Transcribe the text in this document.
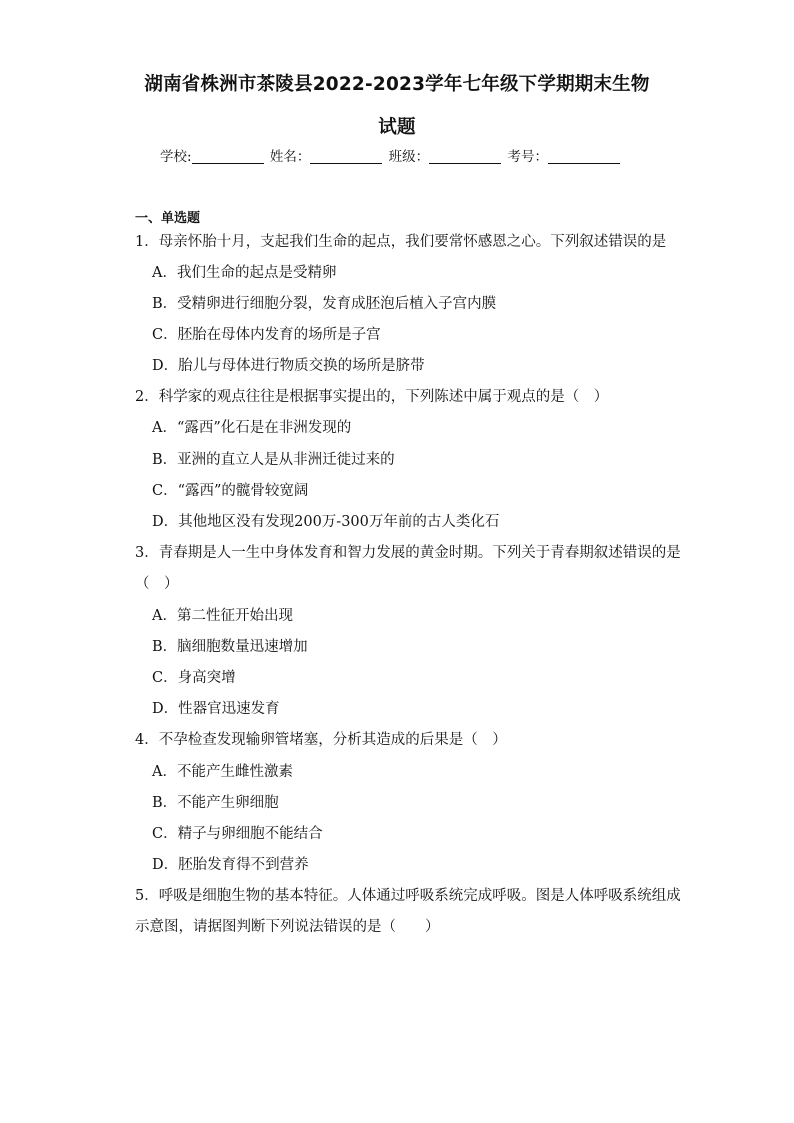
湖南省株洲市茶陵县2022-2023学年七年级下学期期末生物
试题
学校:	姓名：	班级：	考号：
一、单选题
1．母亲怀胎十月，支起我们生命的起点，我们要常怀感恩之心。下列叙述错误的是
A．我们生命的起点是受精卵
B．受精卵进行细胞分裂，发育成胚泡后植入子宫内膜
C．胚胎在母体内发育的场所是子宫
D．胎儿与母体进行物质交换的场所是脐带
2．科学家的观点往往是根据事实提出的，下列陈述中属于观点的是（　）
A．“露西”化石是在非洲发现的
B．亚洲的直立人是从非洲迁徙过来的
C．“露西”的髋骨较宽阔
D．其他地区没有发现200万-300万年前的古人类化石
3．青春期是人一生中身体发育和智力发展的黄金时期。下列关于青春期叙述错误的是
（　）
A．第二性征开始出现
B．脑细胞数量迅速增加
C．身高突增
D．性器官迅速发育
4．不孕检查发现输卵管堵塞，分析其造成的后果是（　）
A．不能产生雌性激素
B．不能产生卵细胞
C．精子与卵细胞不能结合
D．胚胎发育得不到营养
5．呼吸是细胞生物的基本特征。人体通过呼吸系统完成呼吸。图是人体呼吸系统组成
示意图，请据图判断下列说法错误的是（　　）
